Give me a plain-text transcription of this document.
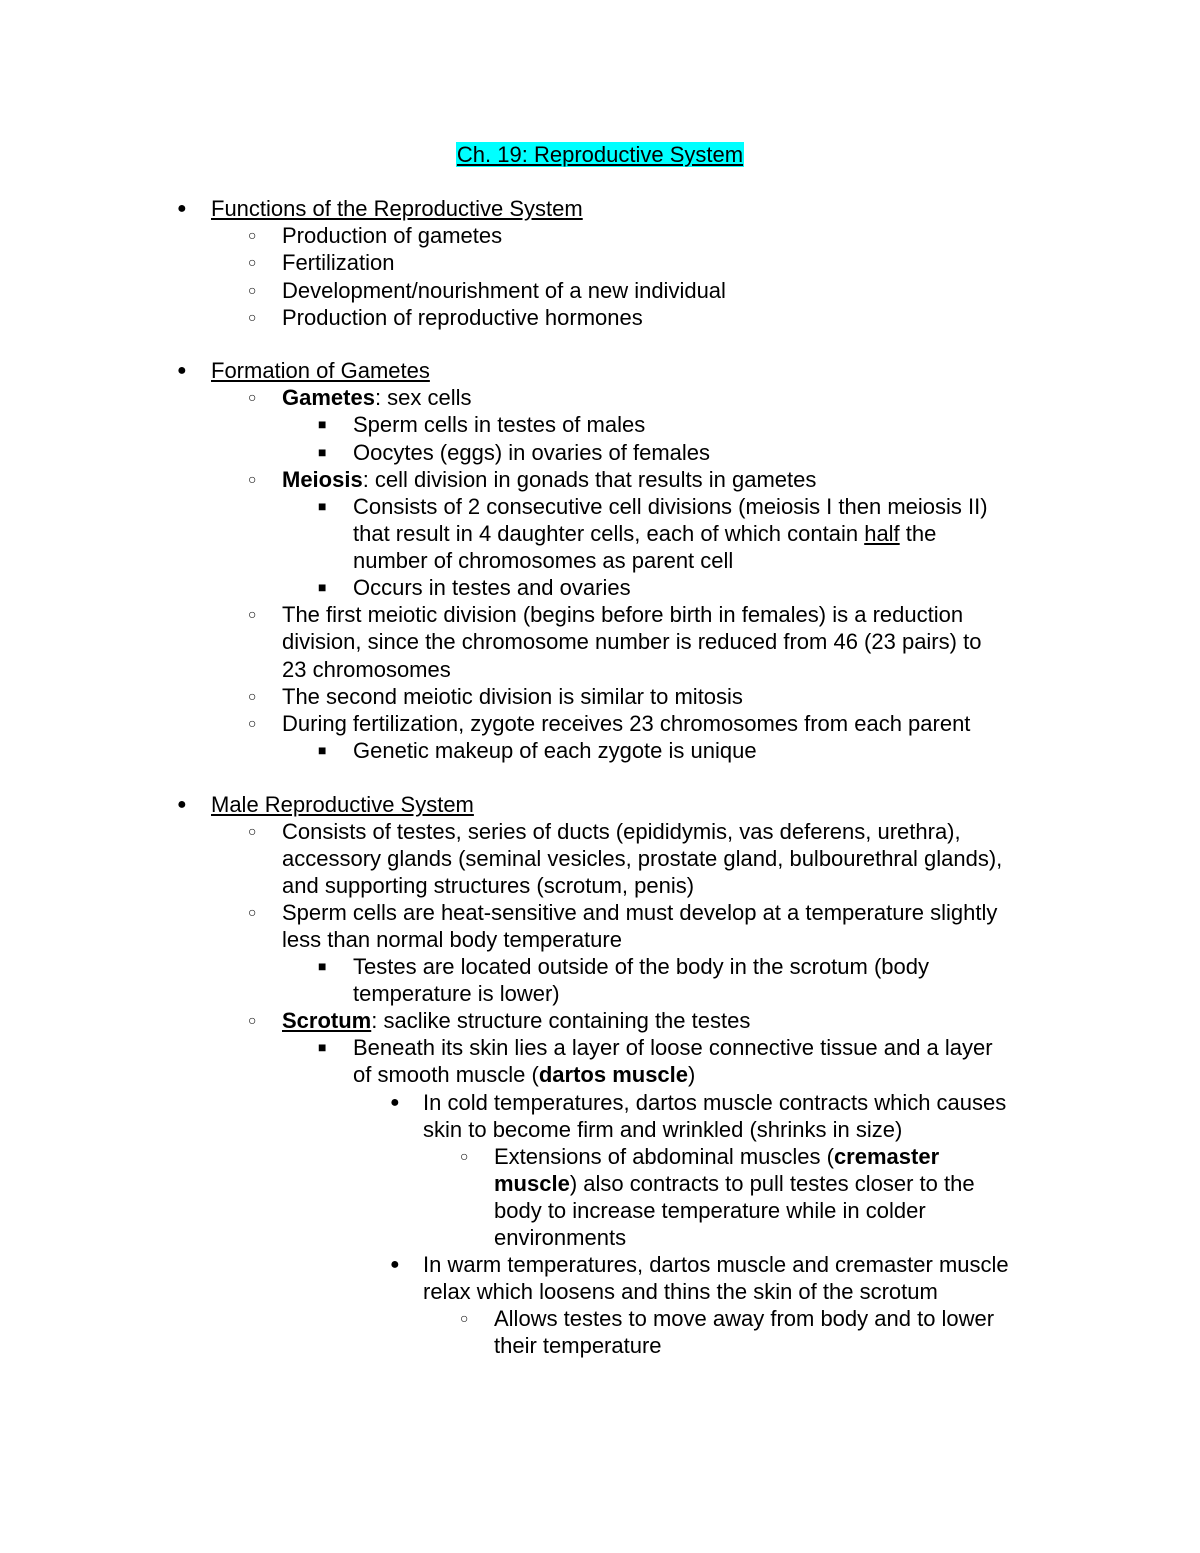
Ch. 19: Reproductive System
● Functions of the Reproductive System
○ Production of gametes
○ Fertilization
○ Development/nourishment of a new individual
○ Production of reproductive hormones
● Formation of Gametes
○ Gametes: sex cells
■ Sperm cells in testes of males
■ Oocytes (eggs) in ovaries of females
○ Meiosis: cell division in gonads that results in gametes
■ Consists of 2 consecutive cell divisions (meiosis I then meiosis II)
that result in 4 daughter cells, each of which contain half the
number of chromosomes as parent cell
■ Occurs in testes and ovaries
○ The first meiotic division (begins before birth in females) is a reduction
division, since the chromosome number is reduced from 46 (23 pairs) to
23 chromosomes
○ The second meiotic division is similar to mitosis
○ During fertilization, zygote receives 23 chromosomes from each parent
■ Genetic makeup of each zygote is unique
● Male Reproductive System
○ Consists of testes, series of ducts (epididymis, vas deferens, urethra),
accessory glands (seminal vesicles, prostate gland, bulbourethral glands),
and supporting structures (scrotum, penis)
○ Sperm cells are heat-sensitive and must develop at a temperature slightly
less than normal body temperature
■ Testes are located outside of the body in the scrotum (body
temperature is lower)
○ Scrotum: saclike structure containing the testes
■ Beneath its skin lies a layer of loose connective tissue and a layer
of smooth muscle (dartos muscle)
● In cold temperatures, dartos muscle contracts which causes
skin to become firm and wrinkled (shrinks in size)
○ Extensions of abdominal muscles (cremaster
muscle) also contracts to pull testes closer to the
body to increase temperature while in colder
environments
● In warm temperatures, dartos muscle and cremaster muscle
relax which loosens and thins the skin of the scrotum
○ Allows testes to move away from body and to lower
their temperature
